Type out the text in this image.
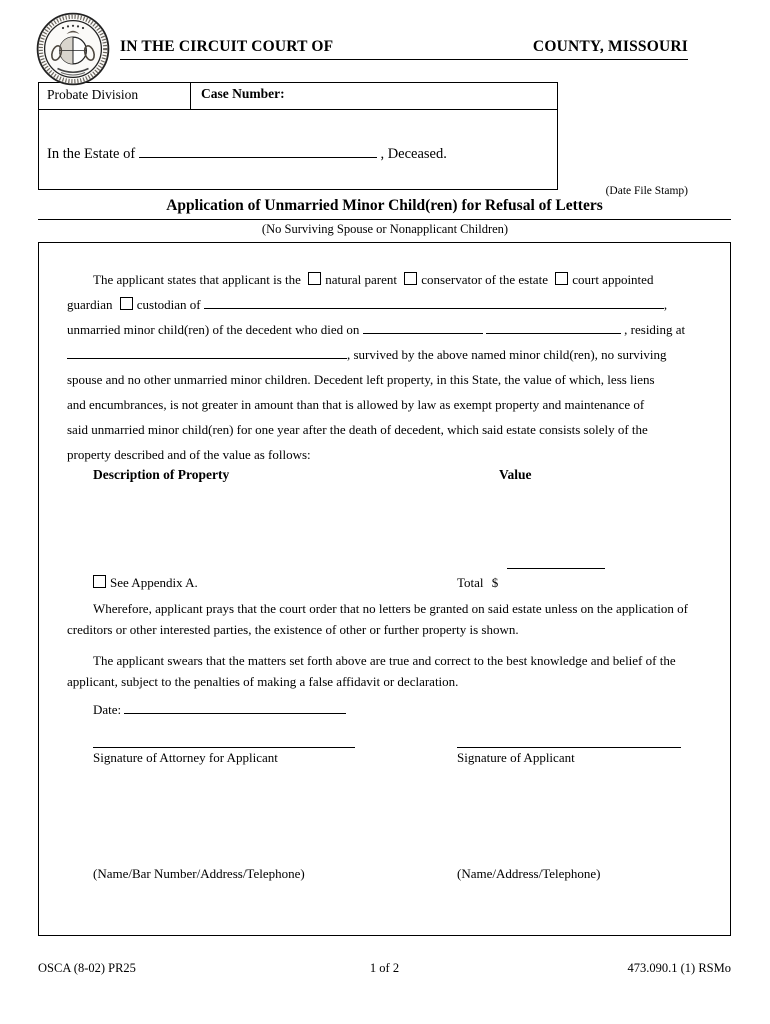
IN THE CIRCUIT COURT OF	COUNTY, MISSOURI
Probate Division	Case Number:
In the Estate of	, Deceased.
(Date File Stamp)
Application of Unmarried Minor Child(ren) for Refusal of Letters
(No Surviving Spouse or Nonapplicant Children)
The applicant states that applicant is the natural parent conservator of the estate court appointed
guardian custodian of	,
unmarried minor child(ren) of the decedent who died on	, residing at
, survived by the above named minor child(ren), no surviving
spouse and no other unmarried minor children. Decedent left property, in this State, the value of which, less liens
and encumbrances, is not greater in amount than that is allowed by law as exempt property and maintenance of
said unmarried minor child(ren) for one year after the death of decedent, which said estate consists solely of the
property described and of the value as follows:
Description of Property	Value
See Appendix A.	Total $

Wherefore, applicant prays that the court order that no letters be granted on said estate unless on the application of creditors or other interested parties, the existence of other or further property is shown.

The applicant swears that the matters set forth above are true and correct to the best knowledge and belief of the applicant, subject to the penalties of making a false affidavit or declaration.

Date:
Signature of Attorney for Applicant	Signature of Applicant
(Name/Bar Number/Address/Telephone)	(Name/Address/Telephone)
OSCA (8-02) PR25	1 of 2	473.090.1 (1) RSMo
